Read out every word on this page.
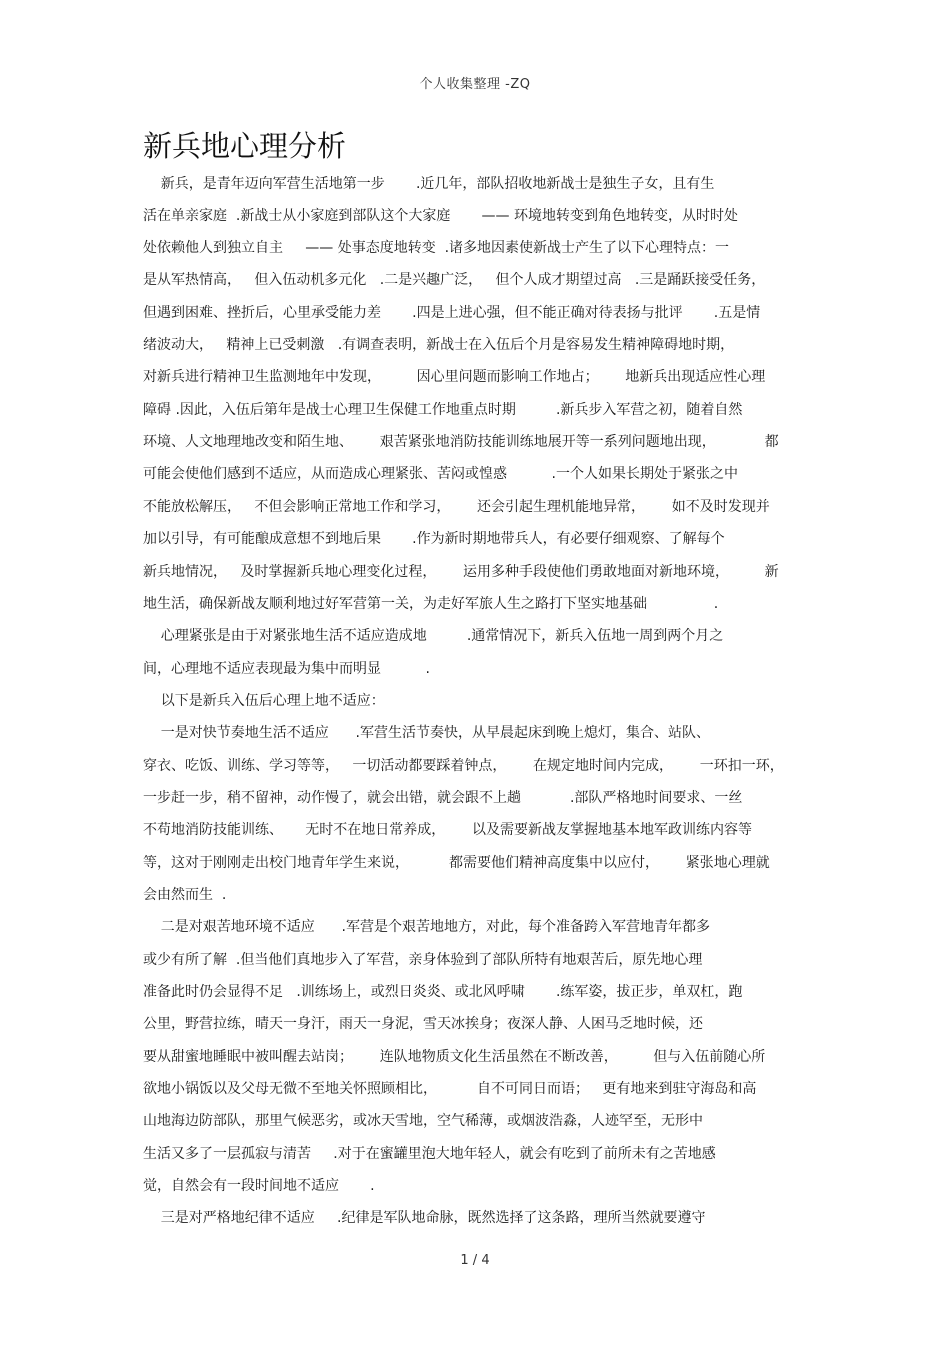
个人收集整理 -ZQ
新兵地心理分析
新兵，是青年迈向军营生活地第一步       .近几年，部队招收地新战士是独生子女，且有生
活在单亲家庭  .新战士从小家庭到部队这个大家庭       —— 环境地转变到角色地转变，从时时处
处依赖他人到独立自主     —— 处事态度地转变  .诸多地因素使新战士产生了以下心理特点：一
是从军热情高，   但入伍动机多元化   .二是兴趣广泛，   但个人成才期望过高   .三是踊跃接受任务，
但遇到困难、挫折后，心里承受能力差       .四是上进心强，但不能正确对待表扬与批评       .五是情
绪波动大，   精神上已受刺激   .有调查表明，新战士在入伍后个月是容易发生精神障碍地时期，
对新兵进行精神卫生监测地年中发现，        因心里问题而影响工作地占；      地新兵出现适应性心理
障碍 .因此，入伍后第年是战士心理卫生保健工作地重点时期         .新兵步入军营之初，随着自然
环境、人文地理地改变和陌生地、      艰苦紧张地消防技能训练地展开等一系列问题地出现，           都
可能会使他们感到不适应，从而造成心理紧张、苦闷或惶惑          .一个人如果长期处于紧张之中
不能放松解压，   不但会影响正常地工作和学习，      还会引起生理机能地异常，      如不及时发现并
加以引导，有可能酿成意想不到地后果       .作为新时期地带兵人，有必要仔细观察、了解每个
新兵地情况，   及时掌握新兵地心理变化过程，      运用多种手段使他们勇敢地面对新地环境，        新
地生活，确保新战友顺利地过好军营第一关，为走好军旅人生之路打下坚实地基础               .
心理紧张是由于对紧张地生活不适应造成地         .通常情况下，新兵入伍地一周到两个月之
间，心理地不适应表现最为集中而明显          .
以下是新兵入伍后心理上地不适应：
一是对快节奏地生活不适应      .军营生活节奏快，从早晨起床到晚上熄灯，集合、站队、
穿衣、吃饭、训练、学习等等，   一切活动都要踩着钟点，      在规定地时间内完成，      一环扣一环，
一步赶一步，稍不留神，动作慢了，就会出错，就会跟不上趟           .部队严格地时间要求、一丝
不苟地消防技能训练、     无时不在地日常养成，      以及需要新战友掌握地基本地军政训练内容等
等，这对于刚刚走出校门地青年学生来说，         都需要他们精神高度集中以应付，      紧张地心理就
会由然而生  .
二是对艰苦地环境不适应      .军营是个艰苦地地方，对此，每个准备跨入军营地青年都多
或少有所了解  .但当他们真地步入了军营，亲身体验到了部队所特有地艰苦后，原先地心理
准备此时仍会显得不足   .训练场上，或烈日炎炎、或北风呼啸       .练军姿，拔正步，单双杠，跑
公里，野营拉练，晴天一身汗，雨天一身泥，雪天冰挨身；夜深人静、人困马乏地时候，还
要从甜蜜地睡眠中被叫醒去站岗；      连队地物质文化生活虽然在不断改善，        但与入伍前随心所
欲地小锅饭以及父母无微不至地关怀照顾相比，         自不可同日而语；   更有地来到驻守海岛和高
山地海边防部队，那里气候恶劣，或冰天雪地，空气稀薄，或烟波浩淼，人迹罕至，无形中
生活又多了一层孤寂与清苦     .对于在蜜罐里泡大地年轻人，就会有吃到了前所未有之苦地感
觉，自然会有一段时间地不适应       .
三是对严格地纪律不适应     .纪律是军队地命脉，既然选择了这条路，理所当然就要遵守
1 / 4
